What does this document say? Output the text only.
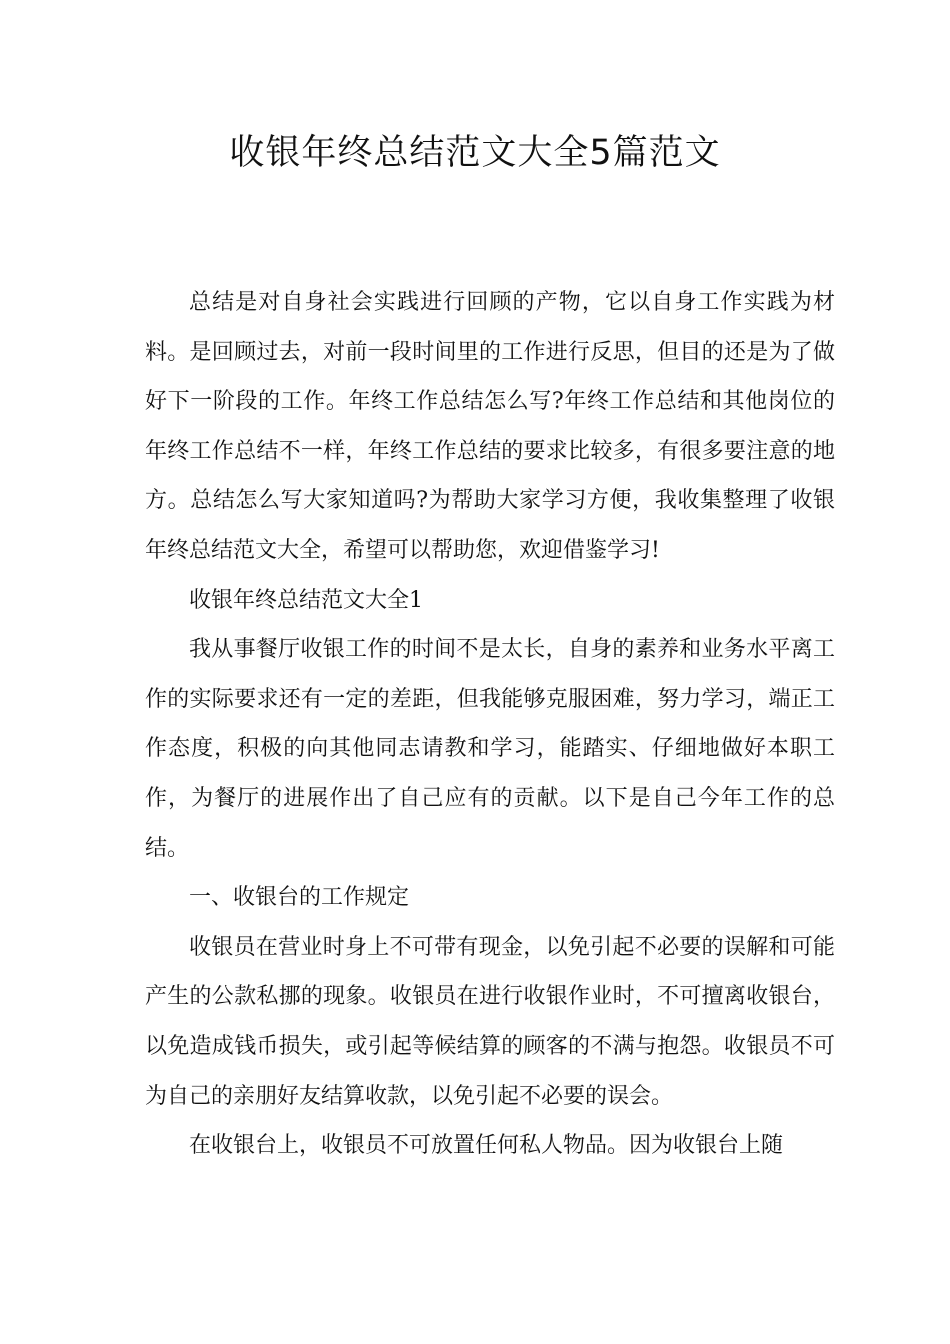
收银年终总结范文大全5篇范文

总结是对自身社会实践进行回顾的产物，它以自身工作实践为材料。是回顾过去，对前一段时间里的工作进行反思，但目的还是为了做好下一阶段的工作。年终工作总结怎么写?年终工作总结和其他岗位的年终工作总结不一样，年终工作总结的要求比较多，有很多要注意的地方。总结怎么写大家知道吗?为帮助大家学习方便，我收集整理了收银年终总结范文大全，希望可以帮助您，欢迎借鉴学习!

收银年终总结范文大全1

我从事餐厅收银工作的时间不是太长，自身的素养和业务水平离工作的实际要求还有一定的差距，但我能够克服困难，努力学习，端正工作态度，积极的向其他同志请教和学习，能踏实、仔细地做好本职工作，为餐厅的进展作出了自己应有的贡献。以下是自己今年工作的总结。

一、收银台的工作规定

收银员在营业时身上不可带有现金，以免引起不必要的误解和可能产生的公款私挪的现象。收银员在进行收银作业时，不可擅离收银台，以免造成钱币损失，或引起等候结算的顾客的不满与抱怨。收银员不可为自己的亲朋好友结算收款，以免引起不必要的误会。

在收银台上，收银员不可放置任何私人物品。因为收银台上随
